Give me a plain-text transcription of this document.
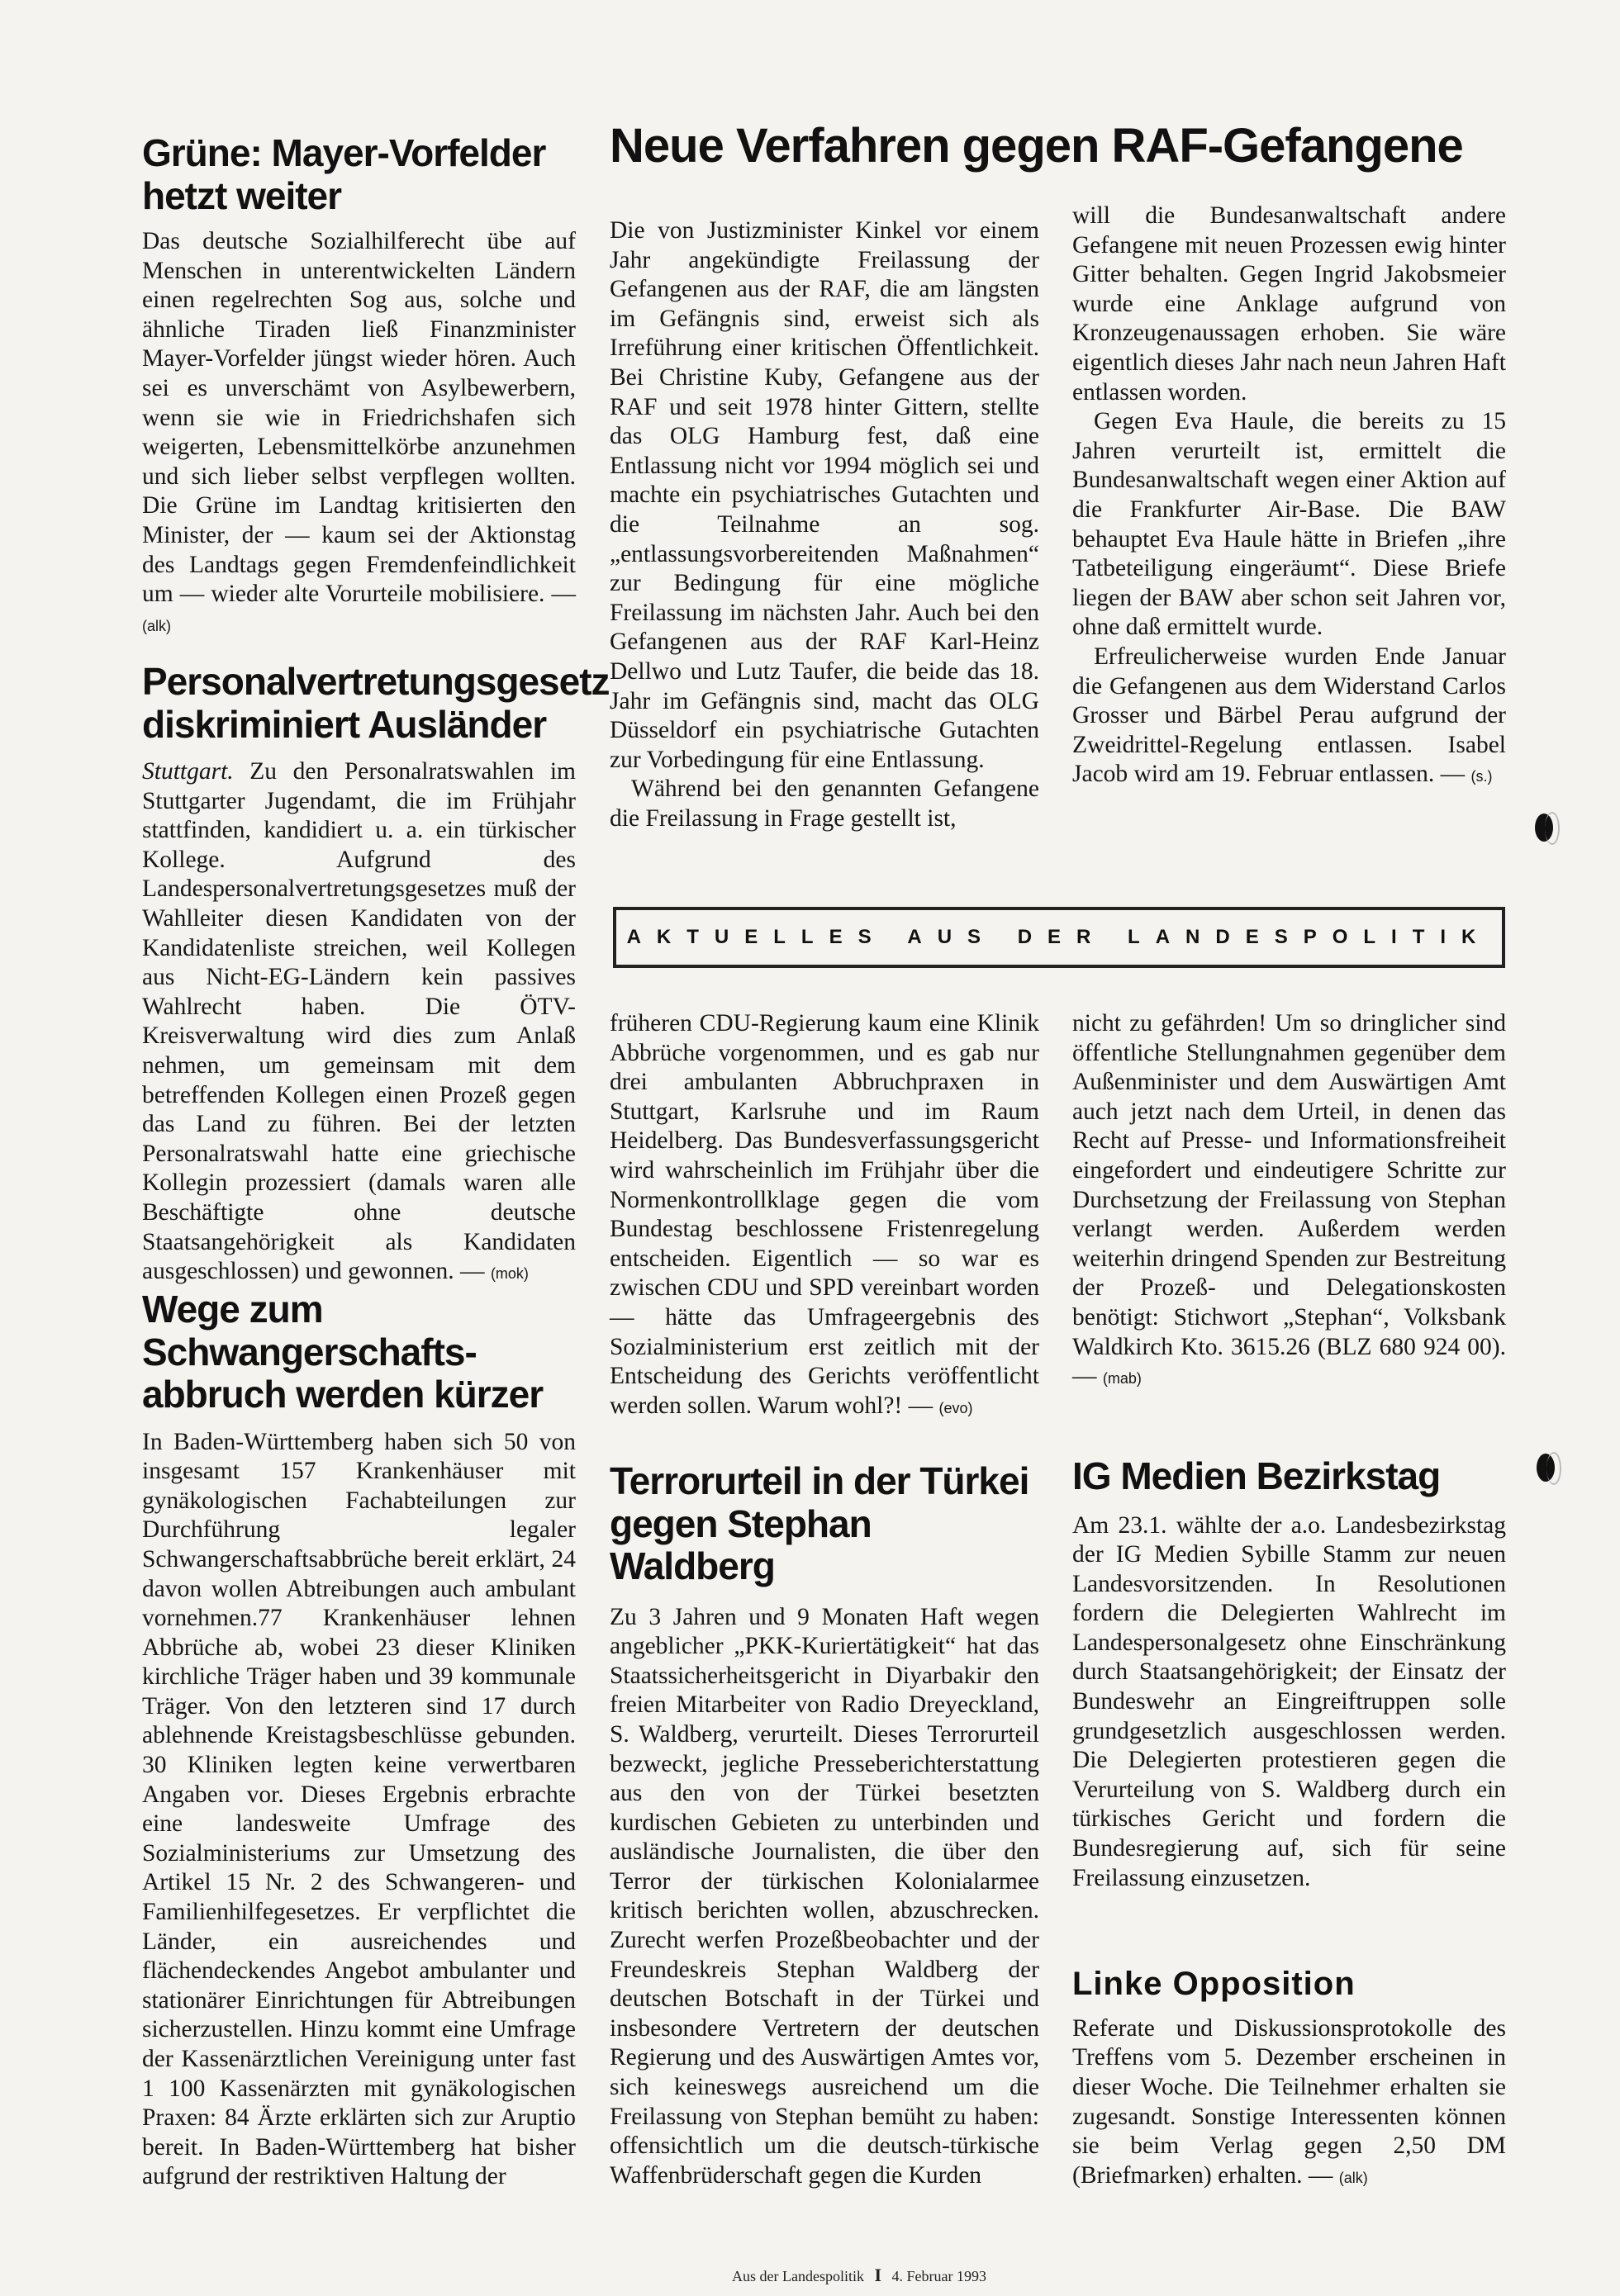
Grüne: Mayer-Vorfelder
hetzt weiter

Das deutsche Sozialhilferecht übe auf Menschen in unterentwickelten Ländern einen regelrechten Sog aus, solche und ähnliche Tiraden ließ Finanzminister Mayer-Vorfelder jüngst wieder hören. Auch sei es unverschämt von Asylbewerbern, wenn sie wie in Friedrichshafen sich weigerten, Lebensmittelkörbe anzunehmen und sich lieber selbst verpflegen wollten. Die Grüne im Landtag kritisierten den Minister, der — kaum sei der Aktionstag des Landtags gegen Fremdenfeindlichkeit um — wieder alte Vorurteile mobilisiere. — (alk)

Personalvertretungsgesetz
diskriminiert Ausländer

Stuttgart. Zu den Personalratswahlen im Stuttgarter Jugendamt, die im Frühjahr stattfinden, kandidiert u. a. ein türkischer Kollege. Aufgrund des Landespersonalvertretungsgesetzes muß der Wahlleiter diesen Kandidaten von der Kandidatenliste streichen, weil Kollegen aus Nicht-EG-Ländern kein passives Wahlrecht haben. Die ÖTV-Kreisverwaltung wird dies zum Anlaß nehmen, um gemeinsam mit dem betreffenden Kollegen einen Prozeß gegen das Land zu führen. Bei der letzten Personalratswahl hatte eine griechische Kollegin prozessiert (damals waren alle Beschäftigte ohne deutsche Staatsangehörigkeit als Kandidaten ausgeschlossen) und gewonnen. — (mok)

Wege zum Schwangerschafts-
abbruch werden kürzer

In Baden-Württemberg haben sich 50 von insgesamt 157 Krankenhäuser mit gynäkologischen Fachabteilungen zur Durchführung legaler Schwangerschaftsabbrüche bereit erklärt, 24 davon wollen Abtreibungen auch ambulant vornehmen.77 Krankenhäuser lehnen Abbrüche ab, wobei 23 dieser Kliniken kirchliche Träger haben und 39 kommunale Träger. Von den letzteren sind 17 durch ablehnende Kreistagsbeschlüsse gebunden. 30 Kliniken legten keine verwertbaren Angaben vor. Dieses Ergebnis erbrachte eine landesweite Umfrage des Sozialministeriums zur Umsetzung des Artikel 15 Nr. 2 des Schwangeren- und Familienhilfegesetzes. Er verpflichtet die Länder, ein ausreichendes und flächendeckendes Angebot ambulanter und stationärer Einrichtungen für Abtreibungen sicherzustellen. Hinzu kommt eine Umfrage der Kassenärztlichen Vereinigung unter fast 1 100 Kassenärzten mit gynäkologischen Praxen: 84 Ärzte erklärten sich zur Aruptio bereit. In Baden-Württemberg hat bisher aufgrund der restriktiven Haltung der

Neue Verfahren gegen RAF-Gefangene

Die von Justizminister Kinkel vor einem Jahr angekündigte Freilassung der Gefangenen aus der RAF, die am längsten im Gefängnis sind, erweist sich als Irreführung einer kritischen Öffentlichkeit. Bei Christine Kuby, Gefangene aus der RAF und seit 1978 hinter Gittern, stellte das OLG Hamburg fest, daß eine Entlassung nicht vor 1994 möglich sei und machte ein psychiatrisches Gutachten und die Teilnahme an sog. „entlassungsvorbereitenden Maßnahmen“ zur Bedingung für eine mögliche Freilassung im nächsten Jahr. Auch bei den Gefangenen aus der RAF Karl-Heinz Dellwo und Lutz Taufer, die beide das 18. Jahr im Gefängnis sind, macht das OLG Düsseldorf ein psychiatrische Gutachten zur Vorbedingung für eine Entlassung.

Während bei den genannten Gefangene die Freilassung in Frage gestellt ist,

will die Bundesanwaltschaft andere Gefangene mit neuen Prozessen ewig hinter Gitter behalten. Gegen Ingrid Jakobsmeier wurde eine Anklage aufgrund von Kronzeugenaussagen erhoben. Sie wäre eigentlich dieses Jahr nach neun Jahren Haft entlassen worden.

Gegen Eva Haule, die bereits zu 15 Jahren verurteilt ist, ermittelt die Bundesanwaltschaft wegen einer Aktion auf die Frankfurter Air-Base. Die BAW behauptet Eva Haule hätte in Briefen „ihre Tatbeteiligung eingeräumt“. Diese Briefe liegen der BAW aber schon seit Jahren vor, ohne daß ermittelt wurde.

Erfreulicherweise wurden Ende Januar die Gefangenen aus dem Widerstand Carlos Grosser und Bärbel Perau aufgrund der Zweidrittel-Regelung entlassen. Isabel Jacob wird am 19. Februar entlassen. — (s.)

AKTUELLES AUS DER LANDESPOLITIK

früheren CDU-Regierung kaum eine Klinik Abbrüche vorgenommen, und es gab nur drei ambulanten Abbruchpraxen in Stuttgart, Karlsruhe und im Raum Heidelberg. Das Bundesverfassungsgericht wird wahrscheinlich im Frühjahr über die Normenkontrollklage gegen die vom Bundestag beschlossene Fristenregelung entscheiden. Eigentlich — so war es zwischen CDU und SPD vereinbart worden — hätte das Umfrageergebnis des Sozialministerium erst zeitlich mit der Entscheidung des Gerichts veröffentlicht werden sollen. Warum wohl?! — (evo)

Terrorurteil in der Türkei
gegen Stephan Waldberg

Zu 3 Jahren und 9 Monaten Haft wegen angeblicher „PKK-Kuriertätigkeit“ hat das Staatssicherheitsgericht in Diyarbakir den freien Mitarbeiter von Radio Dreyeckland, S. Waldberg, verurteilt. Dieses Terrorurteil bezweckt, jegliche Presseberichterstattung aus den von der Türkei besetzten kurdischen Gebieten zu unterbinden und ausländische Journalisten, die über den Terror der türkischen Kolonialarmee kritisch berichten wollen, abzuschrecken. Zurecht werfen Prozeßbeobachter und der Freundeskreis Stephan Waldberg der deutschen Botschaft in der Türkei und insbesondere Vertretern der deutschen Regierung und des Auswärtigen Amtes vor, sich keineswegs ausreichend um die Freilassung von Stephan bemüht zu haben: offensichtlich um die deutsch-türkische Waffenbrüderschaft gegen die Kurden

nicht zu gefährden! Um so dringlicher sind öffentliche Stellungnahmen gegenüber dem Außenminister und dem Auswärtigen Amt auch jetzt nach dem Urteil, in denen das Recht auf Presse- und Informationsfreiheit eingefordert und eindeutigere Schritte zur Durchsetzung der Freilassung von Stephan verlangt werden. Außerdem werden weiterhin dringend Spenden zur Bestreitung der Prozeß- und Delegationskosten benötigt: Stichwort „Stephan“, Volksbank Waldkirch Kto. 3615.26 (BLZ 680 924 00). — (mab)

IG Medien Bezirkstag

Am 23.1. wählte der a.o. Landesbezirkstag der IG Medien Sybille Stamm zur neuen Landesvorsitzenden. In Resolutionen fordern die Delegierten Wahlrecht im Landespersonalgesetz ohne Einschränkung durch Staatsangehörigkeit; der Einsatz der Bundeswehr an Eingreiftruppen solle grundgesetzlich ausgeschlossen werden. Die Delegierten protestieren gegen die Verurteilung von S. Waldberg durch ein türkisches Gericht und fordern die Bundesregierung auf, sich für seine Freilassung einzusetzen.

Linke Opposition

Referate und Diskussionsprotokolle des Treffens vom 5. Dezember erscheinen in dieser Woche. Die Teilnehmer erhalten sie zugesandt. Sonstige Interessenten können sie beim Verlag gegen 2,50 DM (Briefmarken) erhalten. — (alk)

Aus der Landespolitik I 4. Februar 1993
